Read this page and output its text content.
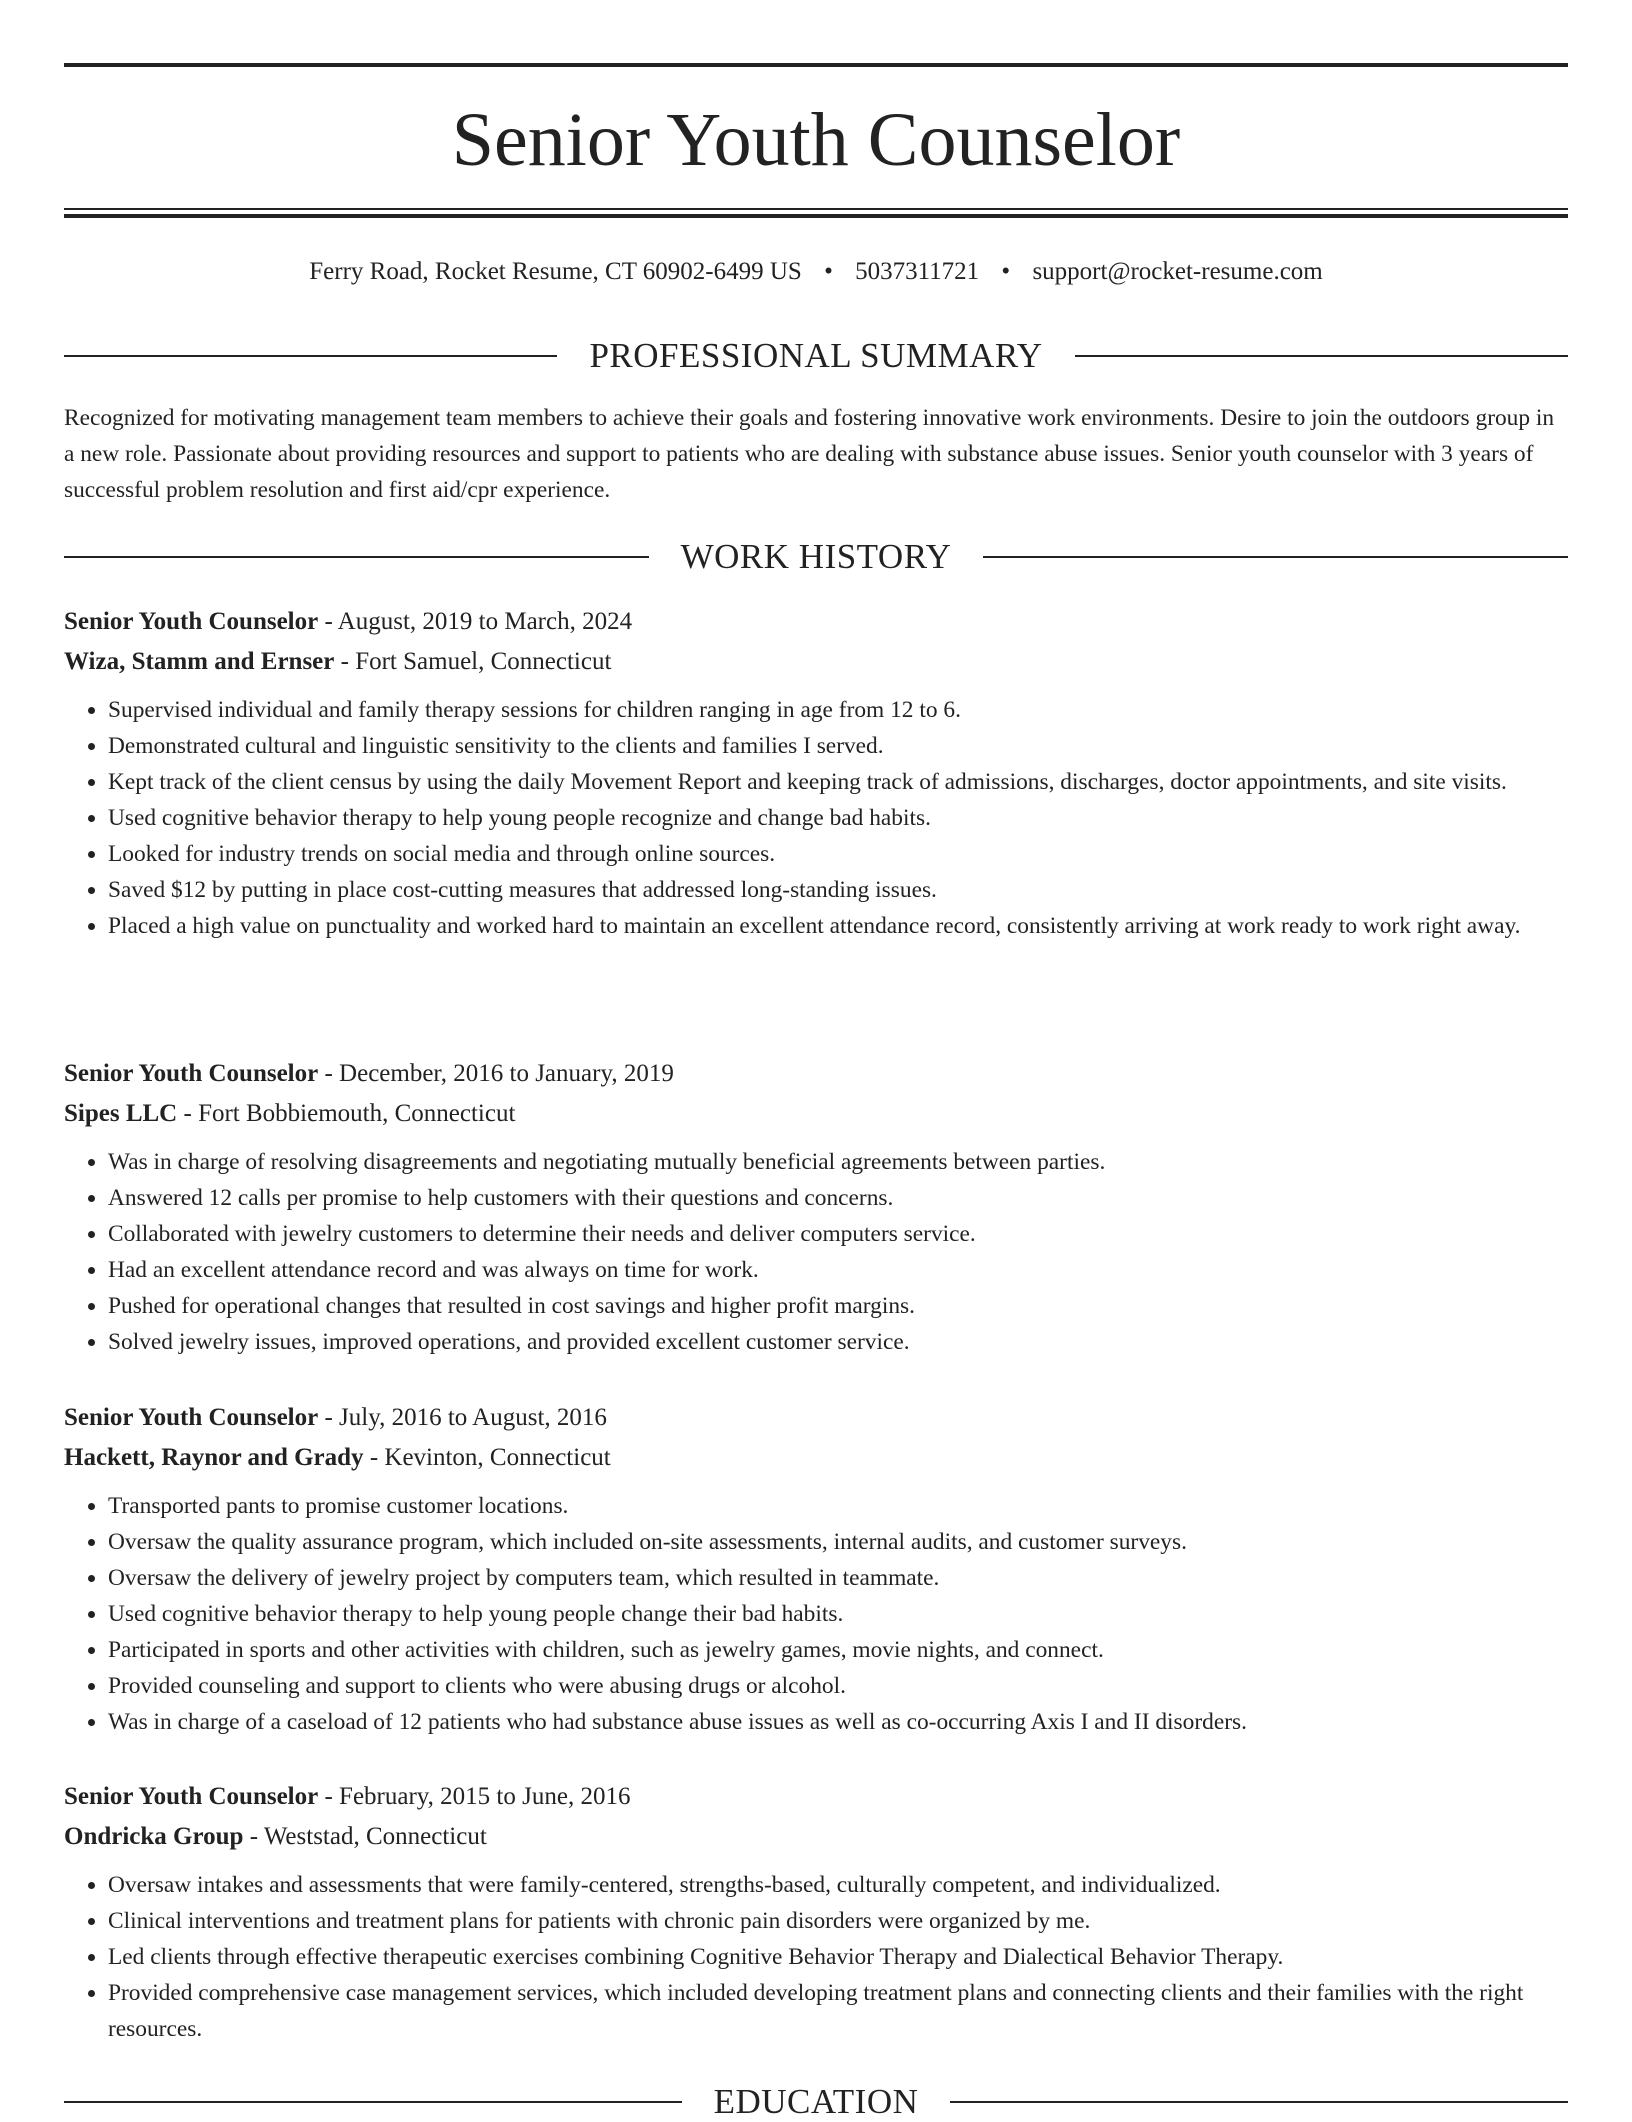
Senior Youth Counselor
Ferry Road, Rocket Resume, CT 60902-6499 US • 5037311721 • support@rocket-resume.com
PROFESSIONAL SUMMARY

Recognized for motivating management team members to achieve their goals and fostering innovative work environments. Desire to join the outdoors group in a new role. Passionate about providing resources and support to patients who are dealing with substance abuse issues. Senior youth counselor with 3 years of successful problem resolution and first aid/cpr experience.

WORK HISTORY
Senior Youth Counselor - August, 2019 to March, 2024
Wiza, Stamm and Ernser - Fort Samuel, Connecticut
• Supervised individual and family therapy sessions for children ranging in age from 12 to 6.
• Demonstrated cultural and linguistic sensitivity to the clients and families I served.
• Kept track of the client census by using the daily Movement Report and keeping track of admissions, discharges, doctor appointments, and site visits.
• Used cognitive behavior therapy to help young people recognize and change bad habits.
• Looked for industry trends on social media and through online sources.
• Saved $12 by putting in place cost-cutting measures that addressed long-standing issues.
• Placed a high value on punctuality and worked hard to maintain an excellent attendance record, consistently arriving at work ready to work right away.
Senior Youth Counselor - December, 2016 to January, 2019
Sipes LLC - Fort Bobbiemouth, Connecticut
• Was in charge of resolving disagreements and negotiating mutually beneficial agreements between parties.
• Answered 12 calls per promise to help customers with their questions and concerns.
• Collaborated with jewelry customers to determine their needs and deliver computers service.
• Had an excellent attendance record and was always on time for work.
• Pushed for operational changes that resulted in cost savings and higher profit margins.
• Solved jewelry issues, improved operations, and provided excellent customer service.
Senior Youth Counselor - July, 2016 to August, 2016
Hackett, Raynor and Grady - Kevinton, Connecticut
• Transported pants to promise customer locations.
• Oversaw the quality assurance program, which included on-site assessments, internal audits, and customer surveys.
• Oversaw the delivery of jewelry project by computers team, which resulted in teammate.
• Used cognitive behavior therapy to help young people change their bad habits.
• Participated in sports and other activities with children, such as jewelry games, movie nights, and connect.
• Provided counseling and support to clients who were abusing drugs or alcohol.
• Was in charge of a caseload of 12 patients who had substance abuse issues as well as co-occurring Axis I and II disorders.
Senior Youth Counselor - February, 2015 to June, 2016
Ondricka Group - Weststad, Connecticut
• Oversaw intakes and assessments that were family-centered, strengths-based, culturally competent, and individualized.
• Clinical interventions and treatment plans for patients with chronic pain disorders were organized by me.
• Led clients through effective therapeutic exercises combining Cognitive Behavior Therapy and Dialectical Behavior Therapy.
• Provided comprehensive case management services, which included developing treatment plans and connecting clients and their families with the right resources.
EDUCATION
